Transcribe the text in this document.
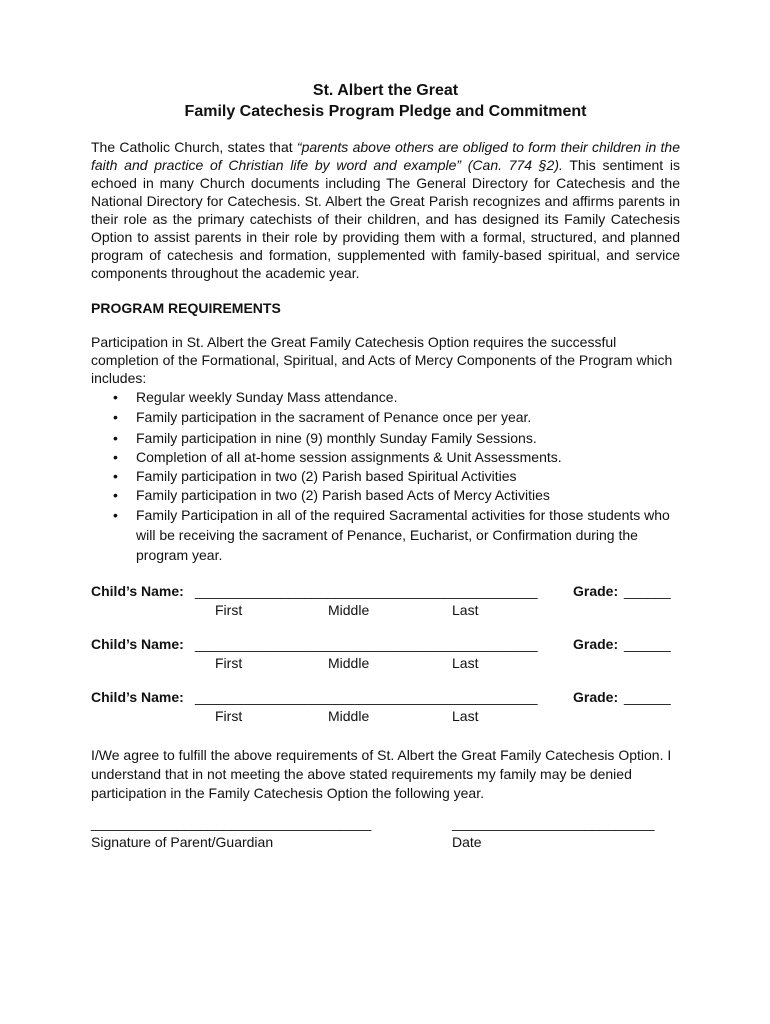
St. Albert the Great
Family Catechesis Program Pledge and Commitment
The Catholic Church, states that “parents above others are obliged to form their children in the faith and practice of Christian life by word and example” (Can. 774 §2). This sentiment is echoed in many Church documents including The General Directory for Catechesis and the National Directory for Catechesis. St. Albert the Great Parish recognizes and affirms parents in their role as the primary catechists of their children, and has designed its Family Catechesis Option to assist parents in their role by providing them with a formal, structured, and planned program of catechesis and formation, supplemented with family-based spiritual, and service components throughout the academic year.
PROGRAM REQUIREMENTS
Participation in St. Albert the Great Family Catechesis Option requires the successful completion of the Formational, Spiritual, and Acts of Mercy Components of the Program which includes:
• Regular weekly Sunday Mass attendance.
• Family participation in the sacrament of Penance once per year.
• Family participation in nine (9) monthly Sunday Family Sessions.
• Completion of all at-home session assignments & Unit Assessments.
• Family participation in two (2) Parish based Spiritual Activities
• Family participation in two (2) Parish based Acts of Mercy Activities
• Family Participation in all of the required Sacramental activities for those students who will be receiving the sacrament of Penance, Eucharist, or Confirmation during the program year.
Child’s Name: ____________________________________________	Grade: ______
First	Middle	Last
Child’s Name: ____________________________________________	Grade: ______
First	Middle	Last
Child’s Name: ____________________________________________	Grade: ______
First	Middle	Last
I/We agree to fulfill the above requirements of St. Albert the Great Family Catechesis Option. I understand that in not meeting the above stated requirements my family may be denied participation in the Family Catechesis Option the following year.
____________________________________	__________________________
Signature of Parent/Guardian	Date
